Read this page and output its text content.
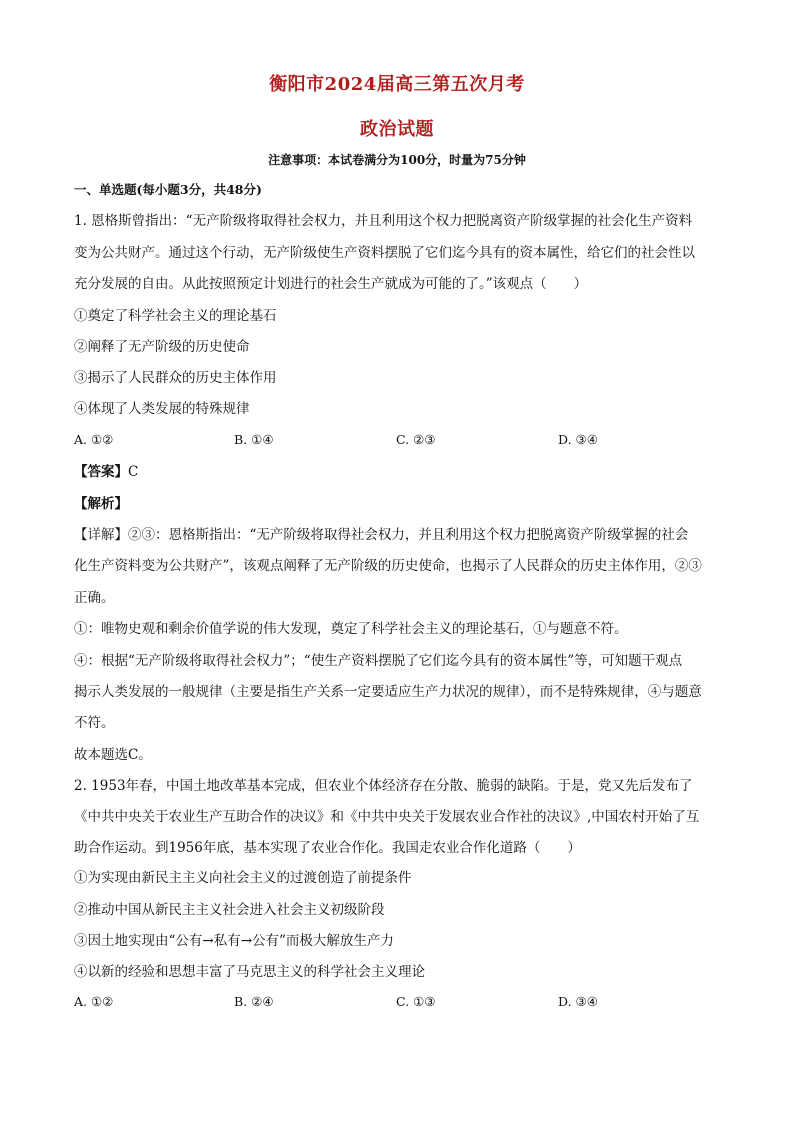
衡阳市2024届高三第五次月考
政治试题
注意事项：本试卷满分为100分，时量为75分钟
一、单选题(每小题3分，共48分)
1. 恩格斯曾指出：“无产阶级将取得社会权力，并且利用这个权力把脱离资产阶级掌握的社会化生产资料
变为公共财产。通过这个行动，无产阶级使生产资料摆脱了它们迄今具有的资本属性，给它们的社会性以
充分发展的自由。从此按照预定计划进行的社会生产就成为可能的了。”该观点（　　）
①奠定了科学社会主义的理论基石
②阐释了无产阶级的历史使命
③揭示了人民群众的历史主体作用
④体现了人类发展的特殊规律
A. ①②	B. ①④	C. ②③	D. ③④
【答案】C
【解析】
【详解】②③：恩格斯指出：“无产阶级将取得社会权力，并且利用这个权力把脱离资产阶级掌握的社会
化生产资料变为公共财产”，该观点阐释了无产阶级的历史使命，也揭示了人民群众的历史主体作用，②③
正确。
①：唯物史观和剩余价值学说的伟大发现，奠定了科学社会主义的理论基石，①与题意不符。
④：根据“无产阶级将取得社会权力”；“使生产资料摆脱了它们迄今具有的资本属性”等，可知题干观点
揭示人类发展的一般规律（主要是指生产关系一定要适应生产力状况的规律），而不是特殊规律，④与题意
不符。
故本题选C。
2. 1953年春，中国土地改革基本完成，但农业个体经济存在分散、脆弱的缺陷。于是，党又先后发布了
《中共中央关于农业生产互助合作的决议》和《中共中央关于发展农业合作社的决议》,中国农村开始了互
助合作运动。到1956年底，基本实现了农业合作化。我国走农业合作化道路（　　）
①为实现由新民主主义向社会主义的过渡创造了前提条件
②推动中国从新民主主义社会进入社会主义初级阶段
③因土地实现由“公有→私有→公有”而极大解放生产力
④以新的经验和思想丰富了马克思主义的科学社会主义理论
A. ①②	B. ②④	C. ①③	D. ③④
